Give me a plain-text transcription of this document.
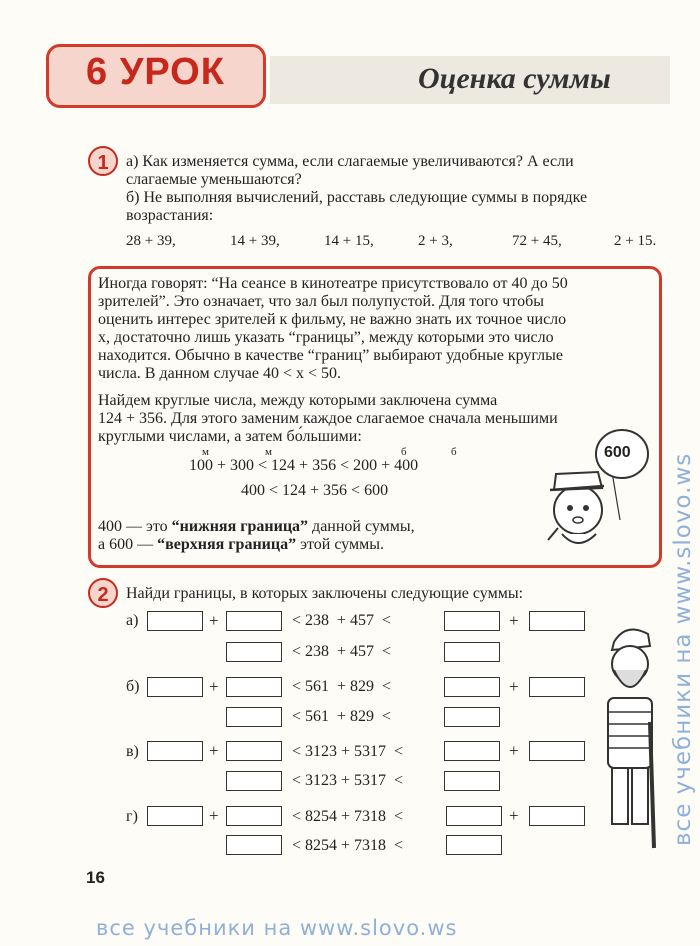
6 УРОК	Оценка суммы
1	а) Как изменяется сумма, если слагаемые увеличиваются? А если
слагаемые уменьшаются?
б) Не выполняя вычислений, расставь следующие суммы в порядке
возрастания:
28 + 39,	14 + 39,	14 + 15,	2 + 3,	72 + 45,	2 + 15.
Иногда говорят: “На сеансе в кинотеатре присутствовало от 40 до 50
зрителей”. Это означает, что зал был полупустой. Для того чтобы
оценить интерес зрителей к фильму, не важно знать их точное число
x, достаточно лишь указать “границы”, между которыми это число
находится. Обычно в качестве “границ” выбирают удобные круглые
числа. В данном случае 40 < x < 50.
Найдем круглые числа, между которыми заключена сумма
124 + 356. Для этого заменим каждое слагаемое сначала меньшими
круглыми числами, а затем бо́льшими:
м	м	б	б
100 + 300 < 124 + 356 < 200 + 400
400 < 124 + 356 < 600
400 — это “нижняя граница” данной суммы,
а 600 — “верхняя граница” этой суммы.
600
2	Найди границы, в которых заключены следующие суммы:
а)	+	< 238  + 457  <	+
< 238  + 457  <
б)	+	< 561  + 829  <	+
< 561  + 829  <
в)	+	< 3123 + 5317  <	+
< 3123 + 5317  <
г)	+	< 8254 + 7318  <	+
< 8254 + 7318  <
16
все учебники на www.slovo.ws
все учебники на www.slovo.ws
